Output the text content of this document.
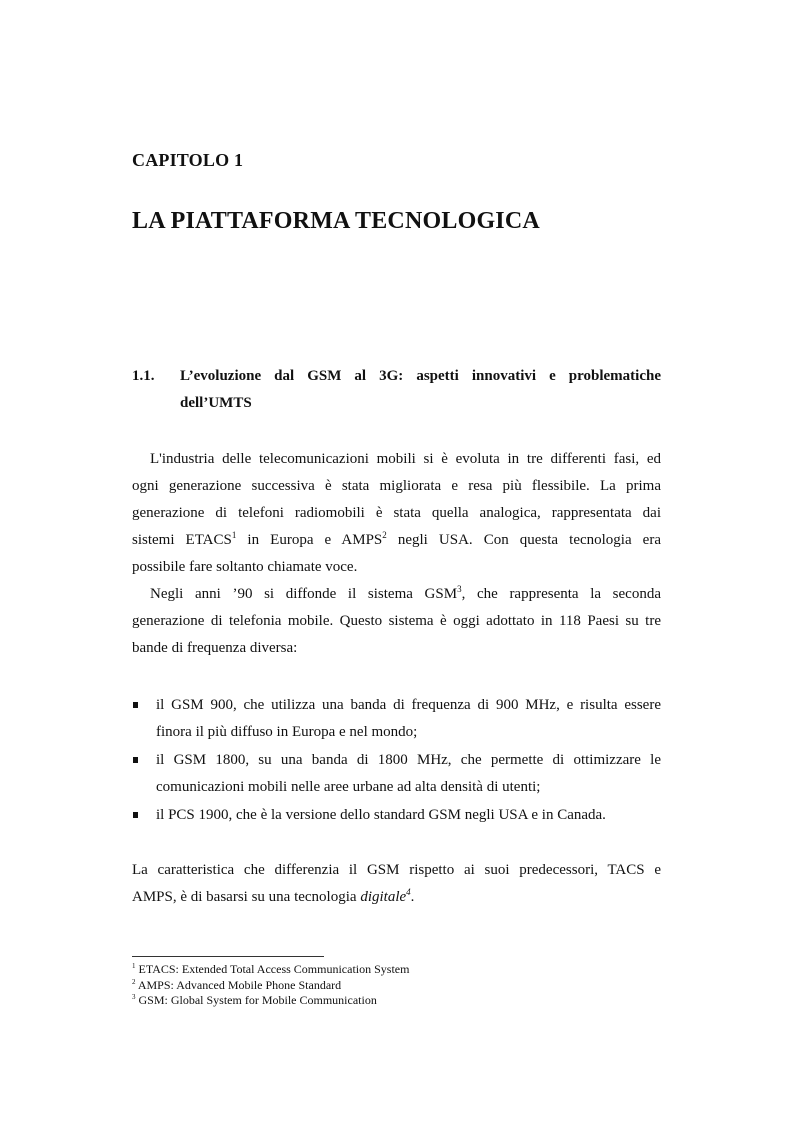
CAPITOLO 1
LA PIATTAFORMA TECNOLOGICA
1.1. L’evoluzione dal GSM al 3G: aspetti innovativi e problematiche
dell’UMTS
L'industria delle telecomunicazioni mobili si è evoluta in tre differenti fasi, ed
ogni generazione successiva è stata migliorata e resa più flessibile. La prima
generazione di telefoni radiomobili è stata quella analogica, rappresentata dai
sistemi ETACS$^1$ in Europa e AMPS$^2$ negli USA. Con questa tecnologia era
possibile fare soltanto chiamate voce.
Negli anni ’90 si diffonde il sistema GSM$^3$, che rappresenta la seconda
generazione di telefonia mobile. Questo sistema è oggi adottato in 118 Paesi su tre
bande di frequenza diversa:
il GSM 900, che utilizza una banda di frequenza di 900 MHz, e risulta essere
finora il più diffuso in Europa e nel mondo;
il GSM 1800, su una banda di 1800 MHz, che permette di ottimizzare le
comunicazioni mobili nelle aree urbane ad alta densità di utenti;
il PCS 1900, che è la versione dello standard GSM negli USA e in Canada.
La caratteristica che differenzia il GSM rispetto ai suoi predecessori, TACS e
AMPS, è di basarsi su una tecnologia digitale$^4$.
$^1$ ETACS: Extended Total Access Communication System
$^2$ AMPS: Advanced Mobile Phone Standard
$^3$ GSM: Global System for Mobile Communication
